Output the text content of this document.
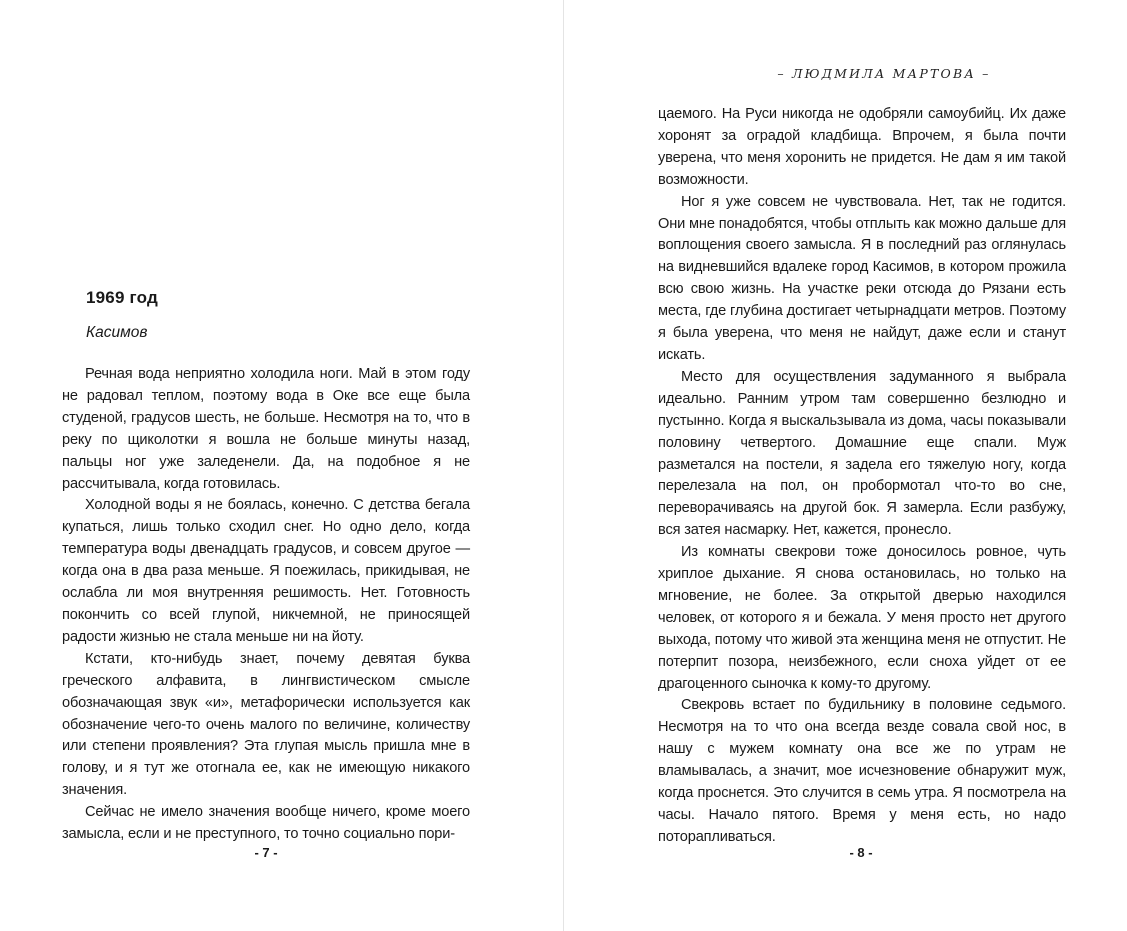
1969 год
Касимов

Речная вода неприятно холодила ноги. Май в этом году не радовал теплом, поэтому вода в Оке все еще была студеной, градусов шесть, не больше. Несмотря на то, что в реку по щиколотки я вошла не больше минуты назад, пальцы ног уже заледенели. Да, на подобное я не рассчитывала, когда готовилась.

Холодной воды я не боялась, конечно. С детства бегала купаться, лишь только сходил снег. Но одно дело, когда температура воды двенадцать градусов, и совсем другое — когда она в два раза меньше. Я поежилась, прикидывая, не ослабла ли моя внутренняя решимость. Нет. Готовность покончить со всей глупой, никчемной, не приносящей радости жизнью не стала меньше ни на йоту.

Кстати, кто-нибудь знает, почему девятая буква греческого алфавита, в лингвистическом смысле обозначающая звук «и», метафорически используется как обозначение чего-то очень малого по величине, количеству или степени проявления? Эта глупая мысль пришла мне в голову, и я тут же отогнала ее, как не имеющую никакого значения.

Сейчас не имело значения вообще ничего, кроме моего замысла, если и не преступного, то точно социально пори-

- 7 -
– ЛЮДМИЛА МАРТОВА –

цаемого. На Руси никогда не одобряли самоубийц. Их даже хоронят за оградой кладбища. Впрочем, я была почти уверена, что меня хоронить не придется. Не дам я им такой возможности.

Ног я уже совсем не чувствовала. Нет, так не годится. Они мне понадобятся, чтобы отплыть как можно дальше для воплощения своего замысла. Я в последний раз оглянулась на видневшийся вдалеке город Касимов, в котором прожила всю свою жизнь. На участке реки отсюда до Рязани есть места, где глубина достигает четырнадцати метров. Поэтому я была уверена, что меня не найдут, даже если и станут искать.

Место для осуществления задуманного я выбрала идеально. Ранним утром там совершенно безлюдно и пустынно. Когда я выскальзывала из дома, часы показывали половину четвертого. Домашние еще спали. Муж разметался на постели, я задела его тяжелую ногу, когда перелезала на пол, он пробормотал что-то во сне, переворачиваясь на другой бок. Я замерла. Если разбужу, вся затея насмарку. Нет, кажется, пронесло.

Из комнаты свекрови тоже доносилось ровное, чуть хриплое дыхание. Я снова остановилась, но только на мгновение, не более. За открытой дверью находился человек, от которого я и бежала. У меня просто нет другого выхода, потому что живой эта женщина меня не отпустит. Не потерпит позора, неизбежного, если сноха уйдет от ее драгоценного сыночка к кому-то другому.

Свекровь встает по будильнику в половине седьмого. Несмотря на то что она всегда везде совала свой нос, в нашу с мужем комнату она все же по утрам не вламывалась, а значит, мое исчезновение обнаружит муж, когда проснется. Это случится в семь утра. Я посмотрела на часы. Начало пятого. Время у меня есть, но надо поторапливаться.

- 8 -
